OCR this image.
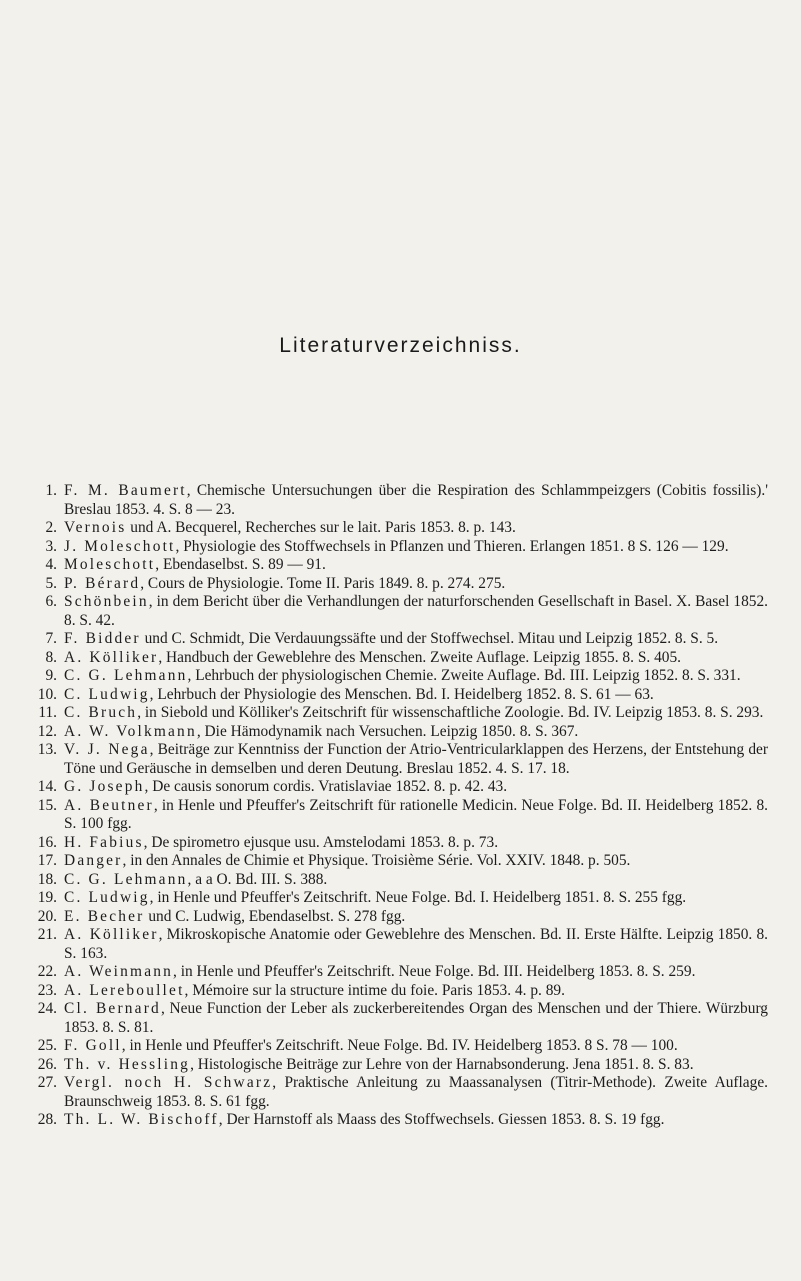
Literaturverzeichniss.
1. F. M. Baumert, Chemische Untersuchungen über die Respiration des Schlammpeizgers (Cobitis fossilis).' Breslau 1853. 4. S. 8 — 23.
2. Vernois und A. Becquerel, Recherches sur le lait. Paris 1853. 8. p. 143.
3. J. Moleschott, Physiologie des Stoffwechsels in Pflanzen und Thieren. Erlangen 1851. 8 S. 126 — 129.
4. Moleschott, Ebendaselbst. S. 89 — 91.
5. P. Bérard, Cours de Physiologie. Tome II. Paris 1849. 8. p. 274. 275.
6. Schönbein, in dem Bericht über die Verhandlungen der naturforschenden Gesellschaft in Basel. X. Basel 1852. 8. S. 42.
7. F. Bidder und C. Schmidt, Die Verdauungssäfte und der Stoffwechsel. Mitau und Leipzig 1852. 8. S. 5.
8. A. Kölliker, Handbuch der Geweblehre des Menschen. Zweite Auflage. Leipzig 1855. 8. S. 405.
9. C. G. Lehmann, Lehrbuch der physiologischen Chemie. Zweite Auflage. Bd. III. Leipzig 1852. 8. S. 331.
10. C. Ludwig, Lehrbuch der Physiologie des Menschen. Bd. I. Heidelberg 1852. 8. S. 61 — 63.
11. C. Bruch, in Siebold und Kölliker's Zeitschrift für wissenschaftliche Zoologie. Bd. IV. Leipzig 1853. 8. S. 293.
12. A. W. Volkmann, Die Hämodynamik nach Versuchen. Leipzig 1850. 8. S. 367.
13. V. J. Nega, Beiträge zur Kenntniss der Function der Atrio-Ventricularklappen des Herzens, der Entstehung der Töne und Geräusche in demselben und deren Deutung. Breslau 1852. 4. S. 17. 18.
14. G. Joseph, De causis sonorum cordis. Vratislaviae 1852. 8. p. 42. 43.
15. A. Beutner, in Henle und Pfeuffer's Zeitschrift für rationelle Medicin. Neue Folge. Bd. II. Heidelberg 1852. 8. S. 100 fgg.
16. H. Fabius, De spirometro ejusque usu. Amstelodami 1853. 8. p. 73.
17. Danger, in den Annales de Chimie et Physique. Troisième Série. Vol. XXIV. 1848. p. 505.
18. C. G. Lehmann, a a O. Bd. III. S. 388.
19. C. Ludwig, in Henle und Pfeuffer's Zeitschrift. Neue Folge. Bd. I. Heidelberg 1851. 8. S. 255 fgg.
20. E. Becher und C. Ludwig, Ebendaselbst. S. 278 fgg.
21. A. Kölliker, Mikroskopische Anatomie oder Geweblehre des Menschen. Bd. II. Erste Hälfte. Leipzig 1850. 8. S. 163.
22. A. Weinmann, in Henle und Pfeuffer's Zeitschrift. Neue Folge. Bd. III. Heidelberg 1853. 8. S. 259.
23. A. Lereboullet, Mémoire sur la structure intime du foie. Paris 1853. 4. p. 89.
24. Cl. Bernard, Neue Function der Leber als zuckerbereitendes Organ des Menschen und der Thiere. Würzburg 1853. 8. S. 81.
25. F. Goll, in Henle und Pfeuffer's Zeitschrift. Neue Folge. Bd. IV. Heidelberg 1853. 8 S. 78 — 100.
26. Th. v. Hessling, Histologische Beiträge zur Lehre von der Harnabsonderung. Jena 1851. 8. S. 83.
27. Vergl. noch H. Schwarz, Praktische Anleitung zu Maassanalysen (Titrir-Methode). Zweite Auflage. Braunschweig 1853. 8. S. 61 fgg.
28. Th. L. W. Bischoff, Der Harnstoff als Maass des Stoffwechsels. Giessen 1853. 8. S. 19 fgg.
